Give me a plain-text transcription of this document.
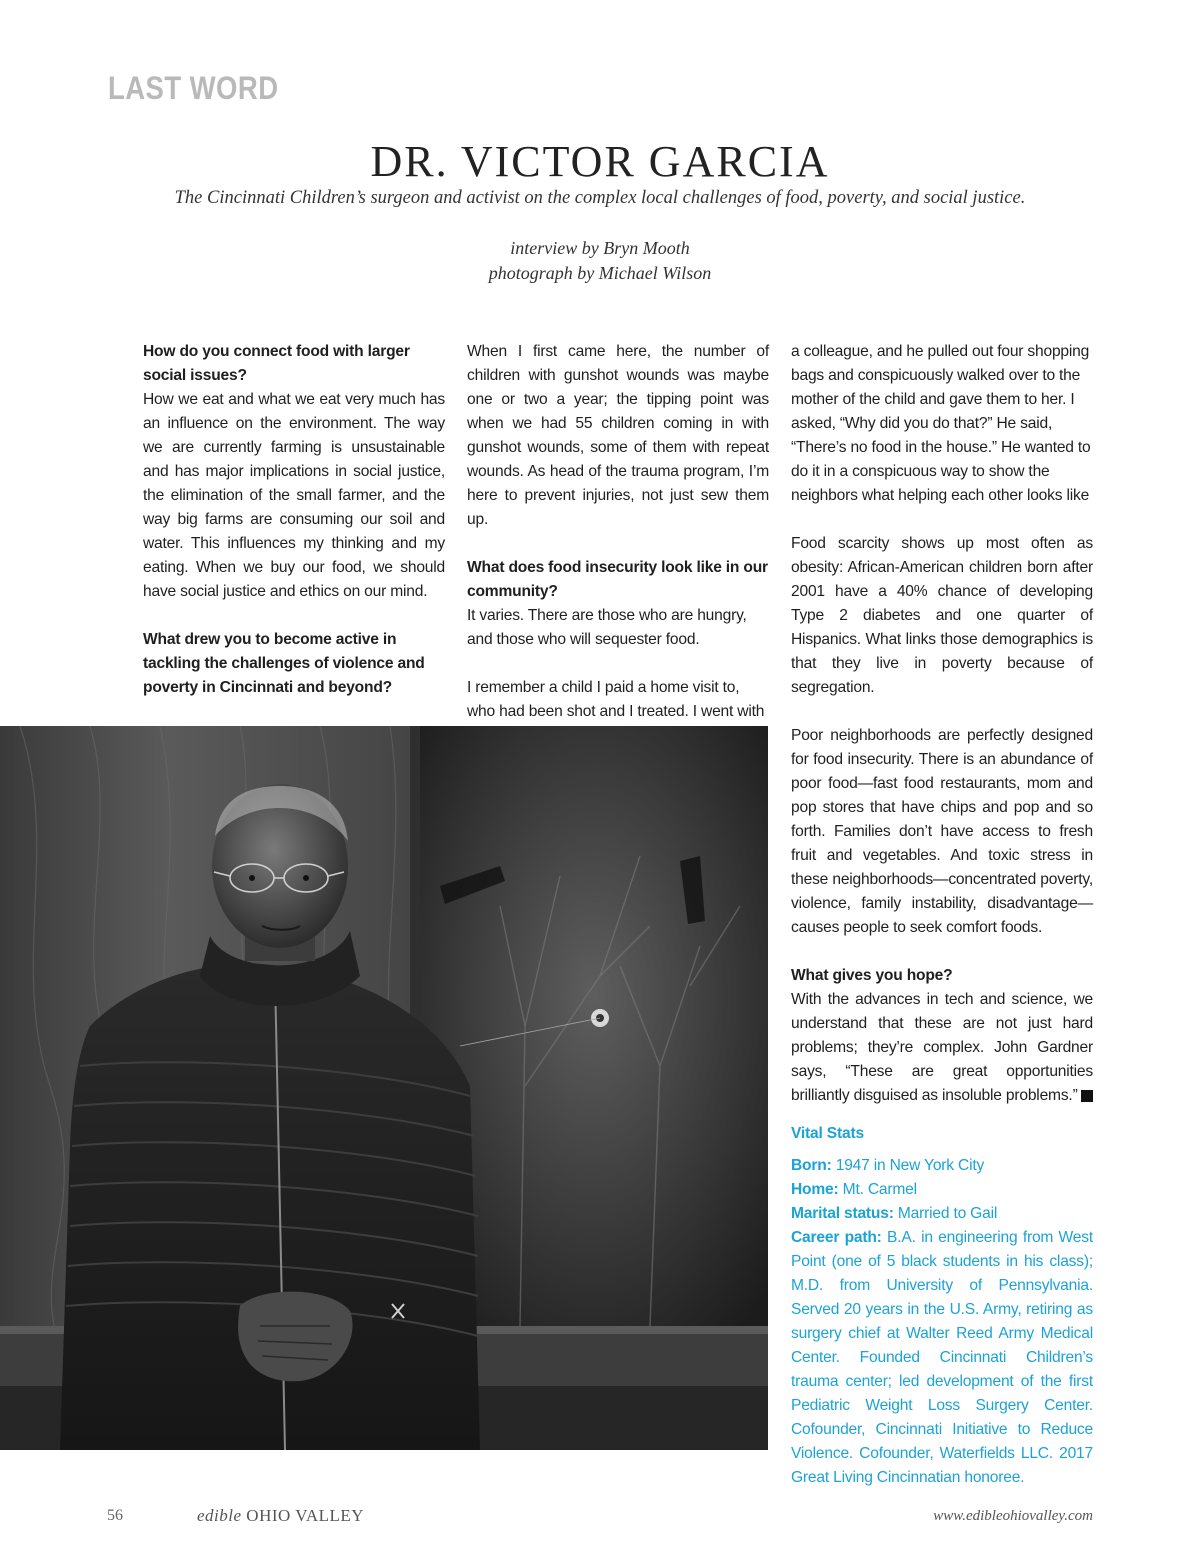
LAST WORD
DR. VICTOR GARCIA
The Cincinnati Children’s surgeon and activist on the complex local challenges of food, poverty, and social justice.
interview by Bryn Mooth
photograph by Michael Wilson

How do you connect food with larger social issues?

How we eat and what we eat very much has an influence on the environment. The way we are currently farming is unsustainable and has major implications in social justice, the elimination of the small farmer, and the way big farms are consuming our soil and water. This influences my thinking and my eating. When we buy our food, we should have social justice and ethics on our mind.

What drew you to become active in tackling the challenges of violence and poverty in Cincinnati and beyond?

When I first came here, the number of children with gunshot wounds was maybe one or two a year; the tipping point was when we had 55 children coming in with gunshot wounds, some of them with repeat wounds. As head of the trauma program, I’m here to prevent injuries, not just sew them up.

What does food insecurity look like in our community?

It varies. There are those who are hungry, and those who will sequester food.

I remember a child I paid a home visit to, who had been shot and I treated. I went with

a colleague, and he pulled out four shopping bags and conspicuously walked over to the mother of the child and gave them to her. I asked, “Why did you do that?” He said, “There’s no food in the house.” He wanted to do it in a conspicuous way to show the neighbors what helping each other looks like

Food scarcity shows up most often as obesity: African-American children born after 2001 have a 40% chance of developing Type 2 diabetes and one quarter of Hispanics. What links those demographics is that they live in poverty because of segregation.

Poor neighborhoods are perfectly designed for food insecurity. There is an abundance of poor food—fast food restaurants, mom and pop stores that have chips and pop and so forth. Families don’t have access to fresh fruit and vegetables. And toxic stress in these neighborhoods—concentrated poverty, violence, family instability, disadvantage—causes people to seek comfort foods.

What gives you hope?

With the advances in tech and science, we understand that these are not just hard problems; they’re complex. John Gardner says, “These are great opportunities brilliantly disguised as insoluble problems.”

Vital Stats
Born: 1947 in New York City
Home: Mt. Carmel
Marital status: Married to Gail
Career path: B.A. in engineering from West Point (one of 5 black students in his class); M.D. from University of Pennsylvania. Served 20 years in the U.S. Army, retiring as surgery chief at Walter Reed Army Medical Center. Founded Cincinnati Children’s trauma center; led development of the first Pediatric Weight Loss Surgery Center. Cofounder, Cincinnati Initiative to Reduce Violence. Cofounder, Waterfields LLC. 2017 Great Living Cincinnatian honoree.
56	edible OHIO VALLEY	www.edibleohiovalley.com
